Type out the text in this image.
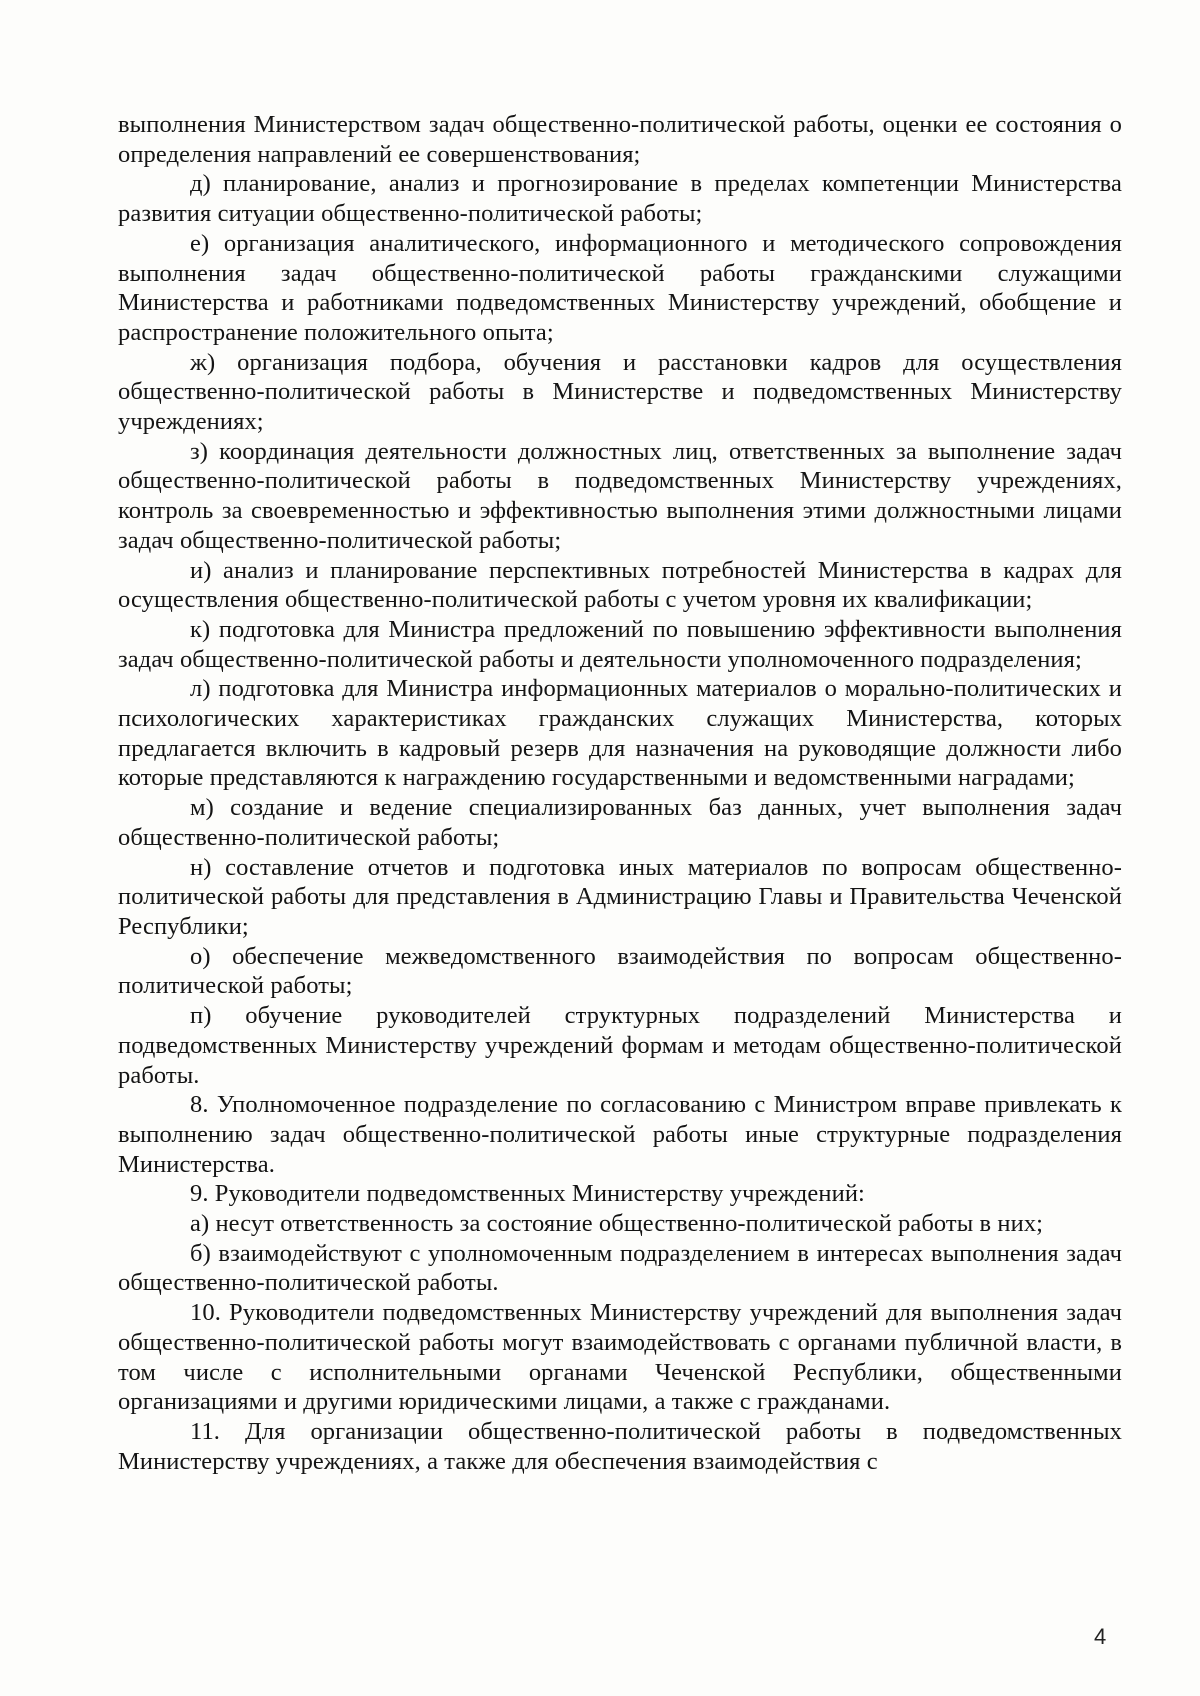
выполнения Министерством задач общественно-политической работы, оценки ее состояния о определения направлений ее совершенствования;

д) планирование, анализ и прогнозирование в пределах компетенции Министерства развития ситуации общественно-политической работы;

е) организация аналитического, информационного и методического сопровождения выполнения задач общественно-политической работы гражданскими служащими Министерства и работниками подведомственных Министерству учреждений, обобщение и распространение положительного опыта;

ж) организация подбора, обучения и расстановки кадров для осуществления общественно-политической работы в Министерстве и подведомственных Министерству учреждениях;

з) координация деятельности должностных лиц, ответственных за выполнение задач общественно-политической работы в подведомственных Министерству учреждениях, контроль за своевременностью и эффективностью выполнения этими должностными лицами задач общественно-политической работы;

и) анализ и планирование перспективных потребностей Министерства в кадрах для осуществления общественно-политической работы с учетом уровня их квалификации;

к) подготовка для Министра предложений по повышению эффективности выполнения задач общественно-политической работы и деятельности уполномоченного подразделения;

л) подготовка для Министра информационных материалов о морально-политических и психологических характеристиках гражданских служащих Министерства, которых предлагается включить в кадровый резерв для назначения на руководящие должности либо которые представляются к награждению государственными и ведомственными наградами;

м) создание и ведение специализированных баз данных, учет выполнения задач общественно-политической работы;

н) составление отчетов и подготовка иных материалов по вопросам общественно-политической работы для представления в Администрацию Главы и Правительства Чеченской Республики;

о) обеспечение межведомственного взаимодействия по вопросам общественно-политической работы;

п) обучение руководителей структурных подразделений Министерства и подведомственных Министерству учреждений формам и методам общественно-политической работы.

8. Уполномоченное подразделение по согласованию с Министром вправе привлекать к выполнению задач общественно-политической работы иные структурные подразделения Министерства.

9. Руководители подведомственных Министерству учреждений:

а) несут ответственность за состояние общественно-политической работы в них;

б) взаимодействуют с уполномоченным подразделением в интересах выполнения задач общественно-политической работы.

10. Руководители подведомственных Министерству учреждений для выполнения задач общественно-политической работы могут взаимодействовать с органами публичной власти, в том числе с исполнительными органами Чеченской Республики, общественными организациями и другими юридическими лицами, а также с гражданами.

11. Для организации общественно-политической работы в подведомственных Министерству учреждениях, а также для обеспечения взаимодействия с

4
